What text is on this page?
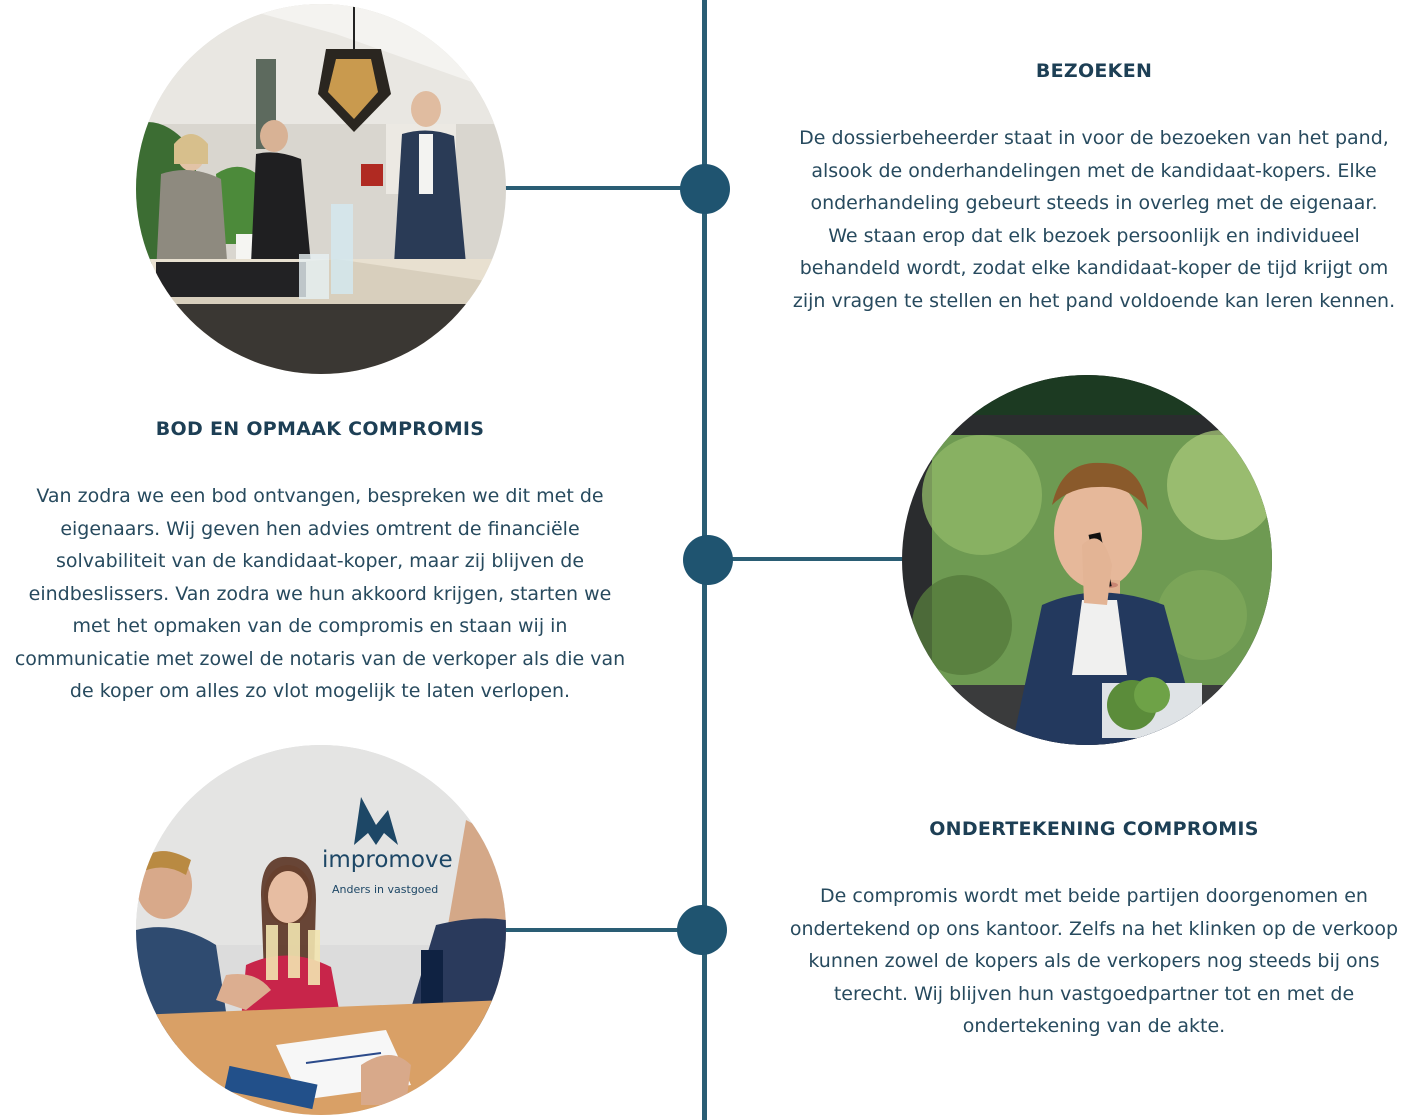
BEZOEKEN

De dossierbeheerder staat in voor de bezoeken van het pand,
alsook de onderhandelingen met de kandidaat-kopers. Elke
onderhandeling gebeurt steeds in overleg met de eigenaar.
We staan erop dat elk bezoek persoonlijk en individueel
behandeld wordt, zodat elke kandidaat-koper de tijd krijgt om
zijn vragen te stellen en het pand voldoende kan leren kennen.

BOD EN OPMAAK COMPROMIS

Van zodra we een bod ontvangen, bespreken we dit met de
eigenaars. Wij geven hen advies omtrent de financiële
solvabiliteit van de kandidaat-koper, maar zij blijven de
eindbeslissers. Van zodra we hun akkoord krijgen, starten we
met het opmaken van de compromis en staan wij in
communicatie met zowel de notaris van de verkoper als die van
de koper om alles zo vlot mogelijk te laten verlopen.

impromove
Anders in vastgoed
ONDERTEKENING COMPROMIS

De compromis wordt met beide partijen doorgenomen en
ondertekend op ons kantoor. Zelfs na het klinken op de verkoop
kunnen zowel de kopers als de verkopers nog steeds bij ons
terecht. Wij blijven hun vastgoedpartner tot en met de
ondertekening van de akte.
